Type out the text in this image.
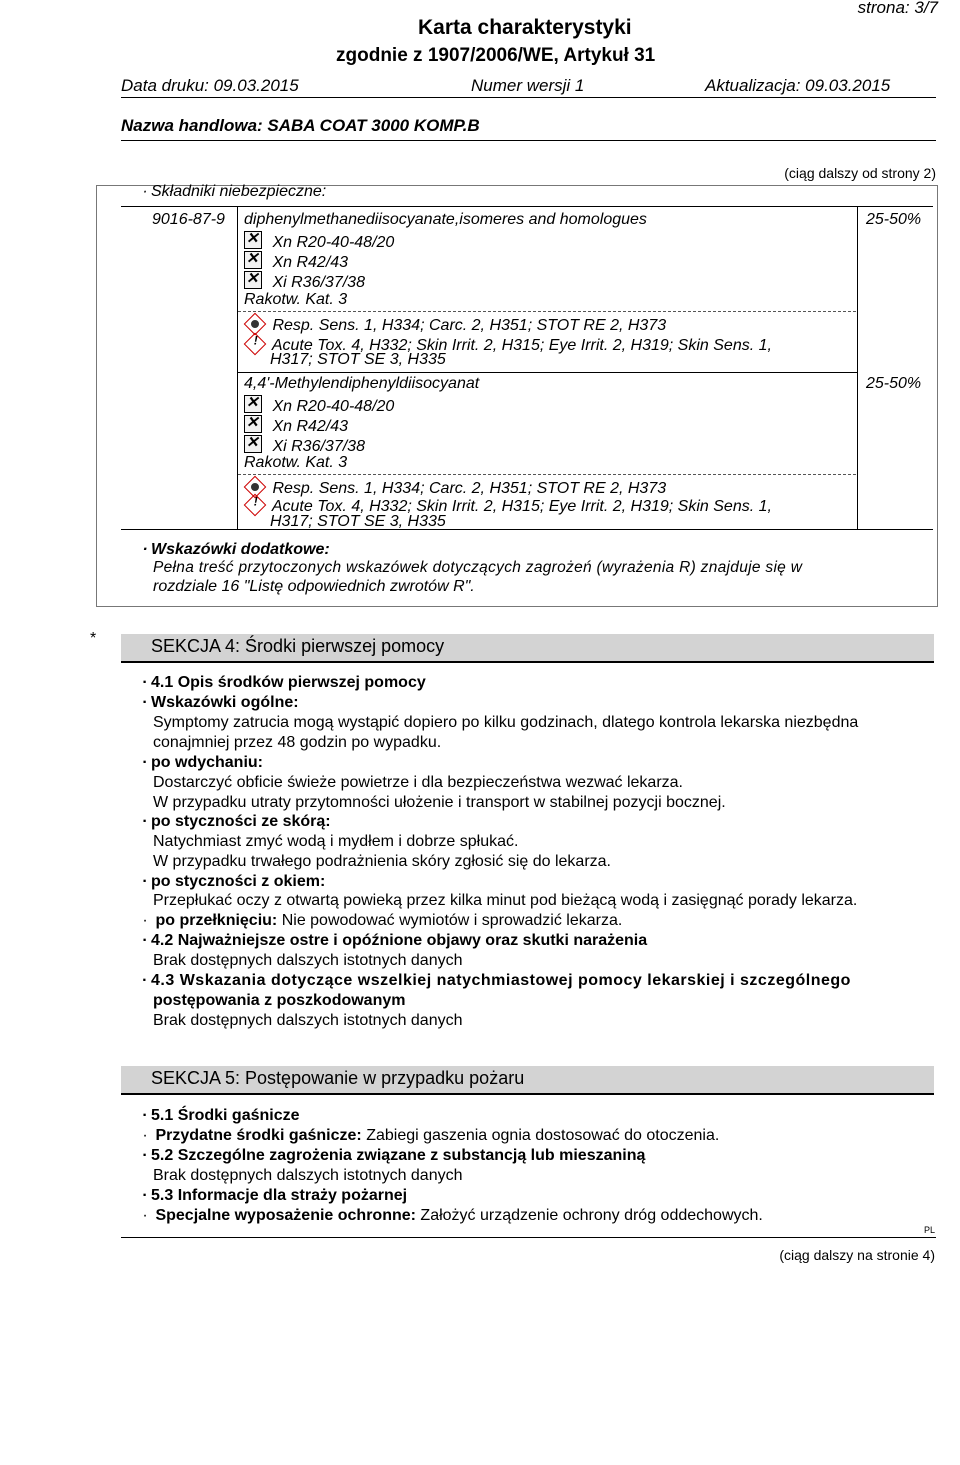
strona: 3/7
Karta charakterystyki
zgodnie z 1907/2006/WE, Artykuł 31
Data druku: 09.03.2015	Numer wersji 1	Aktualizacja: 09.03.2015
Nazwa handlowa: SABA COAT 3000 KOMP.B
(ciąg dalszy od strony 2)
· Składniki niebezpieczne:
9016-87-9 diphenylmethanediisocyanate,isomeres and homologues	25-50%
✕ Xn R20-40-48/20
✕ Xn R42/43
✕ Xi R36/37/38
Rakotw. Kat. 3
Resp. Sens. 1, H334; Carc. 2, H351; STOT RE 2, H373
! Acute Tox. 4, H332; Skin Irrit. 2, H315; Eye Irrit. 2, H319; Skin Sens. 1,
H317; STOT SE 3, H335
4,4'-Methylendiphenyldiisocyanat	25-50%
✕ Xn R20-40-48/20
✕ Xn R42/43
✕ Xi R36/37/38
Rakotw. Kat. 3
Resp. Sens. 1, H334; Carc. 2, H351; STOT RE 2, H373
! Acute Tox. 4, H332; Skin Irrit. 2, H315; Eye Irrit. 2, H319; Skin Sens. 1,
H317; STOT SE 3, H335
· Wskazówki dodatkowe:
Pełna treść przytoczonych wskazówek dotyczących zagrożeń (wyrażenia R) znajduje się w
rozdziale 16 "Listę odpowiednich zwrotów R".
*	SEKCJA 4: Środki pierwszej pomocy
· 4.1 Opis środków pierwszej pomocy
· Wskazówki ogólne:
Symptomy zatrucia mogą wystąpić dopiero po kilku godzinach, dlatego kontrola lekarska niezbędna
conajmniej przez 48 godzin po wypadku.
· po wdychaniu:
Dostarczyć obficie świeże powietrze i dla bezpieczeństwa wezwać lekarza.
W przypadku utraty przytomności ułożenie i transport w stabilnej pozycji bocznej.
· po styczności ze skórą:
Natychmiast zmyć wodą i mydłem i dobrze spłukać.
W przypadku trwałego podrażnienia skóry zgłosić się do lekarza.
· po styczności z okiem:
Przepłukać oczy z otwartą powieką przez kilka minut pod bieżącą wodą i zasięgnąć porady lekarza.
· po przełknięciu: Nie powodować wymiotów i sprowadzić lekarza.
· 4.2 Najważniejsze ostre i opóźnione objawy oraz skutki narażenia
Brak dostępnych dalszych istotnych danych
· 4.3 Wskazania dotyczące wszelkiej natychmiastowej pomocy lekarskiej i szczególnego
postępowania z poszkodowanym
Brak dostępnych dalszych istotnych danych
SEKCJA 5: Postępowanie w przypadku pożaru
· 5.1 Środki gaśnicze
· Przydatne środki gaśnicze: Zabiegi gaszenia ognia dostosować do otoczenia.
· 5.2 Szczególne zagrożenia związane z substancją lub mieszaniną
Brak dostępnych dalszych istotnych danych
· 5.3 Informacje dla straży pożarnej
· Specjalne wyposażenie ochronne: Założyć urządzenie ochrony dróg oddechowych.
PL
(ciąg dalszy na stronie 4)
